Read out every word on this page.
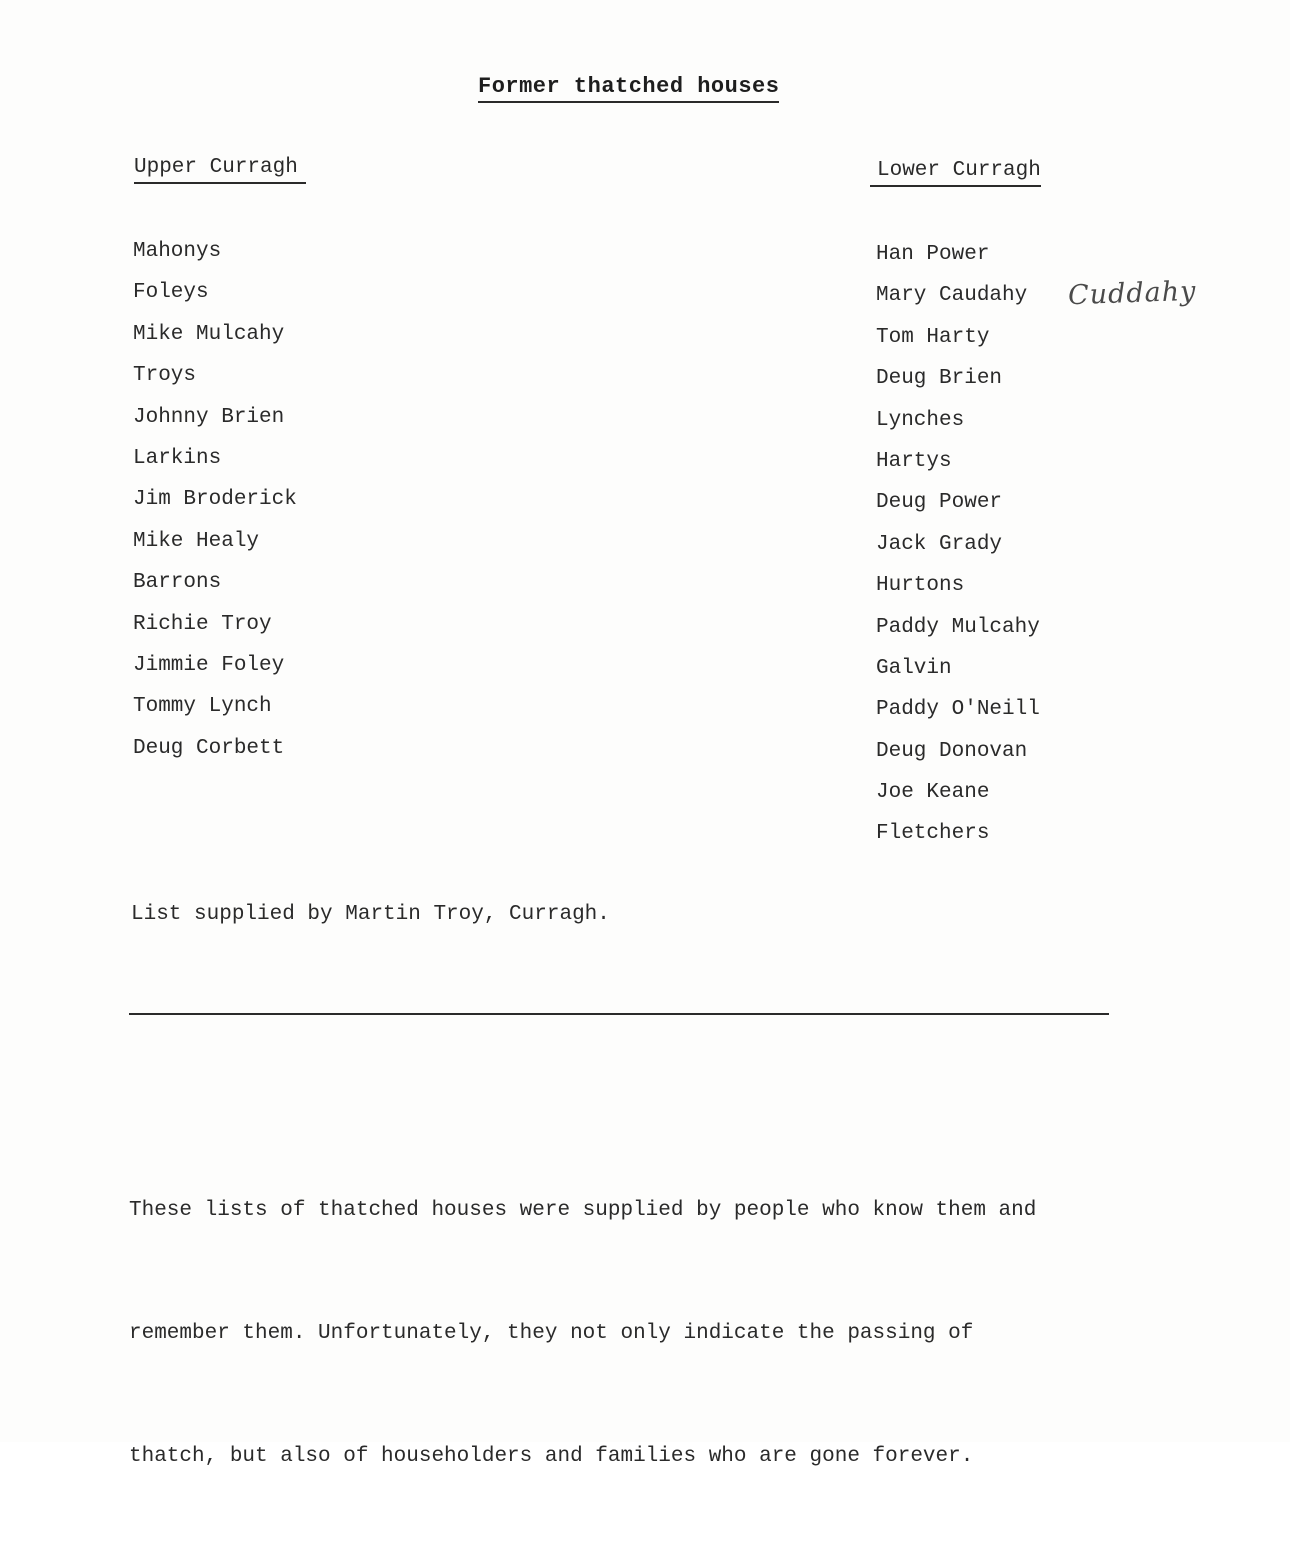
Former thatched houses
Upper Curragh	Lower Curragh
Mahonys
Foleys
Mike Mulcahy
Troys
Johnny Brien
Larkins
Jim Broderick
Mike Healy
Barrons
Richie Troy
Jimmie Foley
Tommy Lynch
Deug Corbett
Han Power
Mary Caudahy
Tom Harty
Deug Brien
Lynches
Hartys
Deug Power
Jack Grady
Hurtons
Paddy Mulcahy
Galvin
Paddy O'Neill
Deug Donovan
Joe Keane
Fletchers
Cuddahy
List supplied by Martin Troy, Curragh.

These lists of thatched houses were supplied by people who know them and

remember them. Unfortunately, they not only indicate the passing of

thatch, but also of householders and families who are gone forever.
